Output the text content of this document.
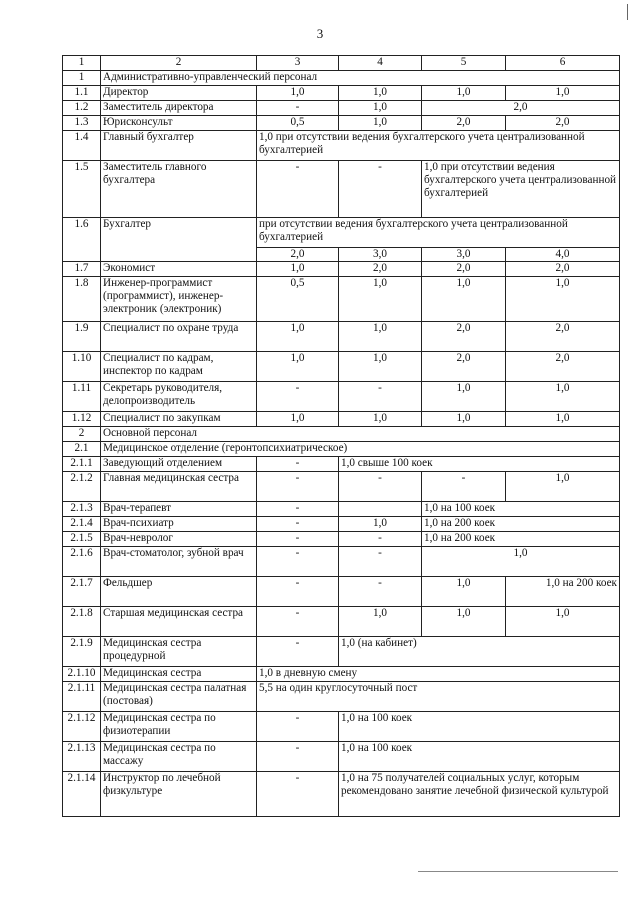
3
1	2	3	4	5	6
1	Административно-управленческий персонал				
1.1	Директор	1,0	1,0	1,0	1,0
1.2	Заместитель директора	-	1,0	2,0	
1.3	Юрисконсульт	0,5	1,0	2,0	2,0
1.4	Главный бухгалтер	1,0 при отсутствии ведения бухгалтерского учета централизованной бухгалтерией			
1.5	Заместитель главного бухгалтера	-	-	1,0 при отсутствии ведения бухгалтерского учета централизованной бухгалтерией	
1.6	Бухгалтер	при отсутствии ведения бухгалтерского учета централизованной бухгалтерией			
		2,0	3,0	3,0	4,0
1.7	Экономист	1,0	2,0	2,0	2,0
1.8	Инженер-программист (программист), инженер-электроник (электроник)	0,5	1,0	1,0	1,0
1.9	Специалист по охране труда	1,0	1,0	2,0	2,0
1.10	Специалист по кадрам, инспектор по кадрам	1,0	1,0	2,0	2,0
1.11	Секретарь руководителя, делопроизводитель	-	-	1,0	1,0
1.12	Специалист по закупкам	1,0	1,0	1,0	1,0
2	Основной персонал				
2.1	Медицинское отделение (геронтопсихиатрическое)				
2.1.1	Заведующий отделением	-	1,0 свыше 100 коек		
2.1.2	Главная медицинская сестра	-	-	-	1,0
2.1.3	Врач-терапевт	-		1,0 на 100 коек	
2.1.4	Врач-психиатр	-	1,0	1,0 на 200 коек	
2.1.5	Врач-невролог	-	-	1,0 на 200 коек	
2.1.6	Врач-стоматолог, зубной врач	-	-	1,0	
2.1.7	Фельдшер	-	-	1,0	1,0 на 200 коек
2.1.8	Старшая медицинская сестра	-	1,0	1,0	1,0
2.1.9	Медицинская сестра процедурной	-	1,0 (на кабинет)		
2.1.10	Медицинская сестра	1,0 в дневную смену			
2.1.11	Медицинская сестра палатная (постовая)	5,5 на один круглосуточный пост			
2.1.12	Медицинская сестра по физиотерапии	-	1,0 на 100 коек		
2.1.13	Медицинская сестра по массажу	-	1,0 на 100 коек		
2.1.14	Инструктор по лечебной физкультуре	-	1,0 на 75 получателей социальных услуг, которым рекомендовано занятие лечебной физической культурой		
